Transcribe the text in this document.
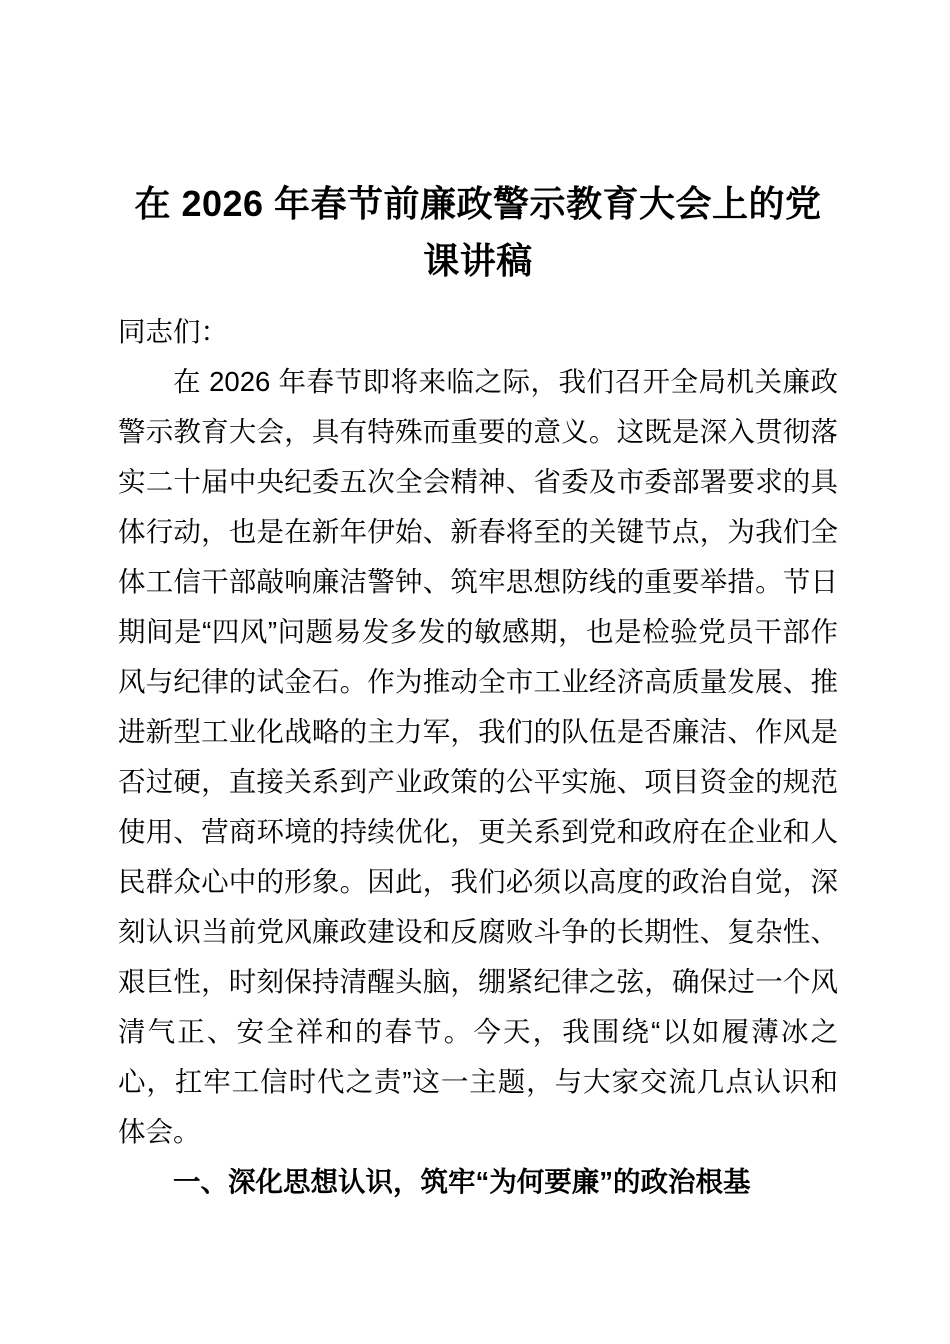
在 2026 年春节前廉政警示教育大会上的党课讲稿

同志们：

在 2026 年春节即将来临之际，我们召开全局机关廉政警示教育大会，具有特殊而重要的意义。这既是深入贯彻落实二十届中央纪委五次全会精神、省委及市委部署要求的具体行动，也是在新年伊始、新春将至的关键节点，为我们全体工信干部敲响廉洁警钟、筑牢思想防线的重要举措。节日期间是“四风”问题易发多发的敏感期，也是检验党员干部作风与纪律的试金石。作为推动全市工业经济高质量发展、推进新型工业化战略的主力军，我们的队伍是否廉洁、作风是否过硬，直接关系到产业政策的公平实施、项目资金的规范使用、营商环境的持续优化，更关系到党和政府在企业和人民群众心中的形象。因此，我们必须以高度的政治自觉，深刻认识当前党风廉政建设和反腐败斗争的长期性、复杂性、艰巨性，时刻保持清醒头脑，绷紧纪律之弦，确保过一个风清气正、安全祥和的春节。今天，我围绕“以如履薄冰之心，扛牢工信时代之责”这一主题，与大家交流几点认识和体会。

一、深化思想认识，筑牢“为何要廉”的政治根基
